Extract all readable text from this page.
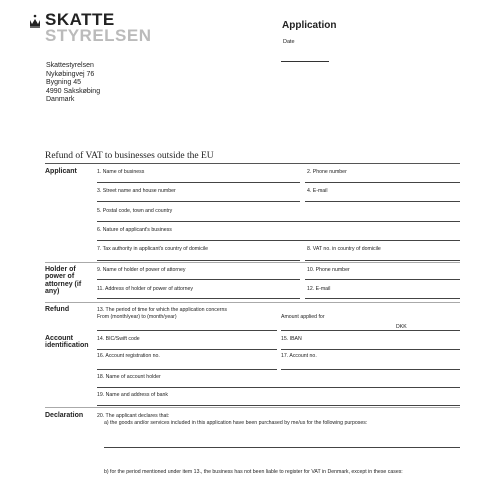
SKATTE
STYRELSEN
Application
Date
Skattestyrelsen
Nykøbingvej 76
Bygning 45
4990 Sakskøbing
Danmark
Refund of VAT to businesses outside the EU
Applicant	1. Name of business	2. Phone number
3. Street name and house number	4. E-mail
5. Postal code, town and country
6. Nature of applicant's business
7. Tax authority in applicant's country of domicile	8. VAT no. in country of domicile
Holder of power of attorney (if any)
9. Name of holder of power of attorney	10. Phone number
11. Address of holder of power of attorney	12. E-mail
Refund	13. The period of time for which the application concerns
From (month/year) to (month/year)	Amount applied for
DKK
Account identification
14. BIC/Swift code	15. IBAN
16. Account registration no.	17. Account no.
18. Name of account holder
19. Name and address of bank
Declaration	20. The applicant declares that:
a) the goods and/or services included in this application have been purchased by me/us for the following purposes:
b) for the period mentioned under item 13., the business has not been liable to register for VAT in Denmark, except in these cases:
